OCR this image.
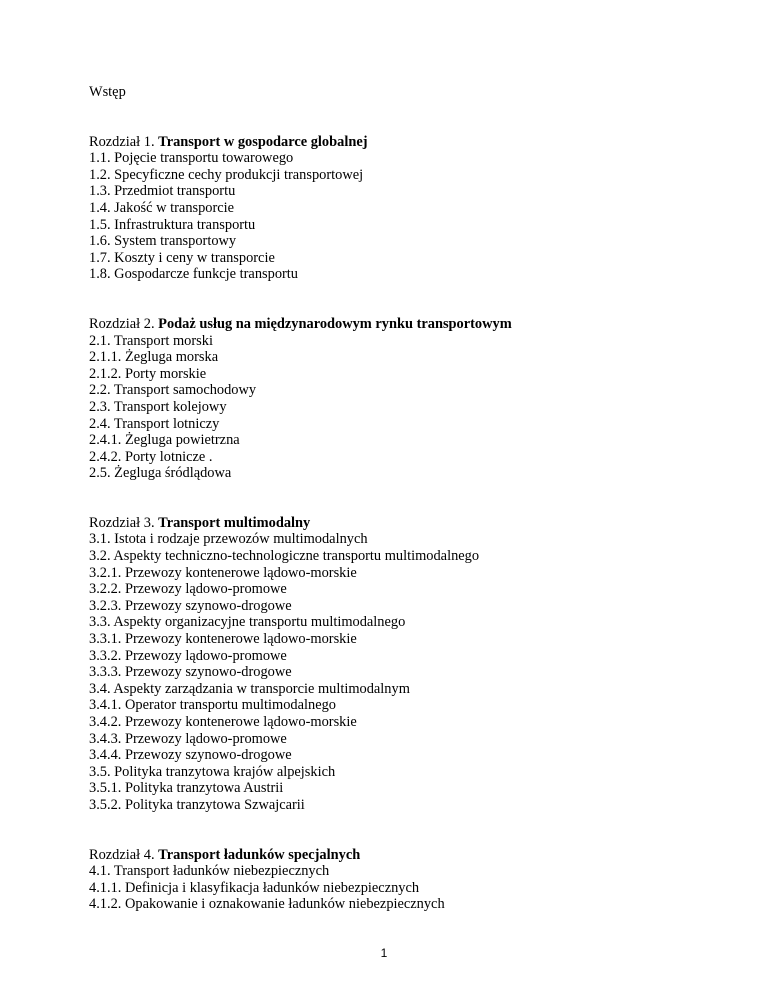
Wstęp
Rozdział 1. Transport w gospodarce globalnej
1.1. Pojęcie transportu towarowego
1.2. Specyficzne cechy produkcji transportowej
1.3. Przedmiot transportu
1.4. Jakość w transporcie
1.5. Infrastruktura transportu
1.6. System transportowy
1.7. Koszty i ceny w transporcie
1.8. Gospodarcze funkcje transportu
Rozdział 2. Podaż usług na międzynarodowym rynku transportowym
2.1. Transport morski
2.1.1. Żegluga morska
2.1.2. Porty morskie
2.2. Transport samochodowy
2.3. Transport kolejowy
2.4. Transport lotniczy
2.4.1. Żegluga powietrzna
2.4.2. Porty lotnicze .
2.5. Żegluga śródlądowa
Rozdział 3. Transport multimodalny
3.1. Istota i rodzaje przewozów multimodalnych
3.2. Aspekty techniczno-technologiczne transportu multimodalnego
3.2.1. Przewozy kontenerowe lądowo-morskie
3.2.2. Przewozy lądowo-promowe
3.2.3. Przewozy szynowo-drogowe
3.3. Aspekty organizacyjne transportu multimodalnego
3.3.1. Przewozy kontenerowe lądowo-morskie
3.3.2. Przewozy lądowo-promowe
3.3.3. Przewozy szynowo-drogowe
3.4. Aspekty zarządzania w transporcie multimodalnym
3.4.1. Operator transportu multimodalnego
3.4.2. Przewozy kontenerowe lądowo-morskie
3.4.3. Przewozy lądowo-promowe
3.4.4. Przewozy szynowo-drogowe
3.5. Polityka tranzytowa krajów alpejskich
3.5.1. Polityka tranzytowa Austrii
3.5.2. Polityka tranzytowa Szwajcarii
Rozdział 4. Transport ładunków specjalnych
4.1. Transport ładunków niebezpiecznych
4.1.1. Definicja i klasyfikacja ładunków niebezpiecznych
4.1.2. Opakowanie i oznakowanie ładunków niebezpiecznych
1
